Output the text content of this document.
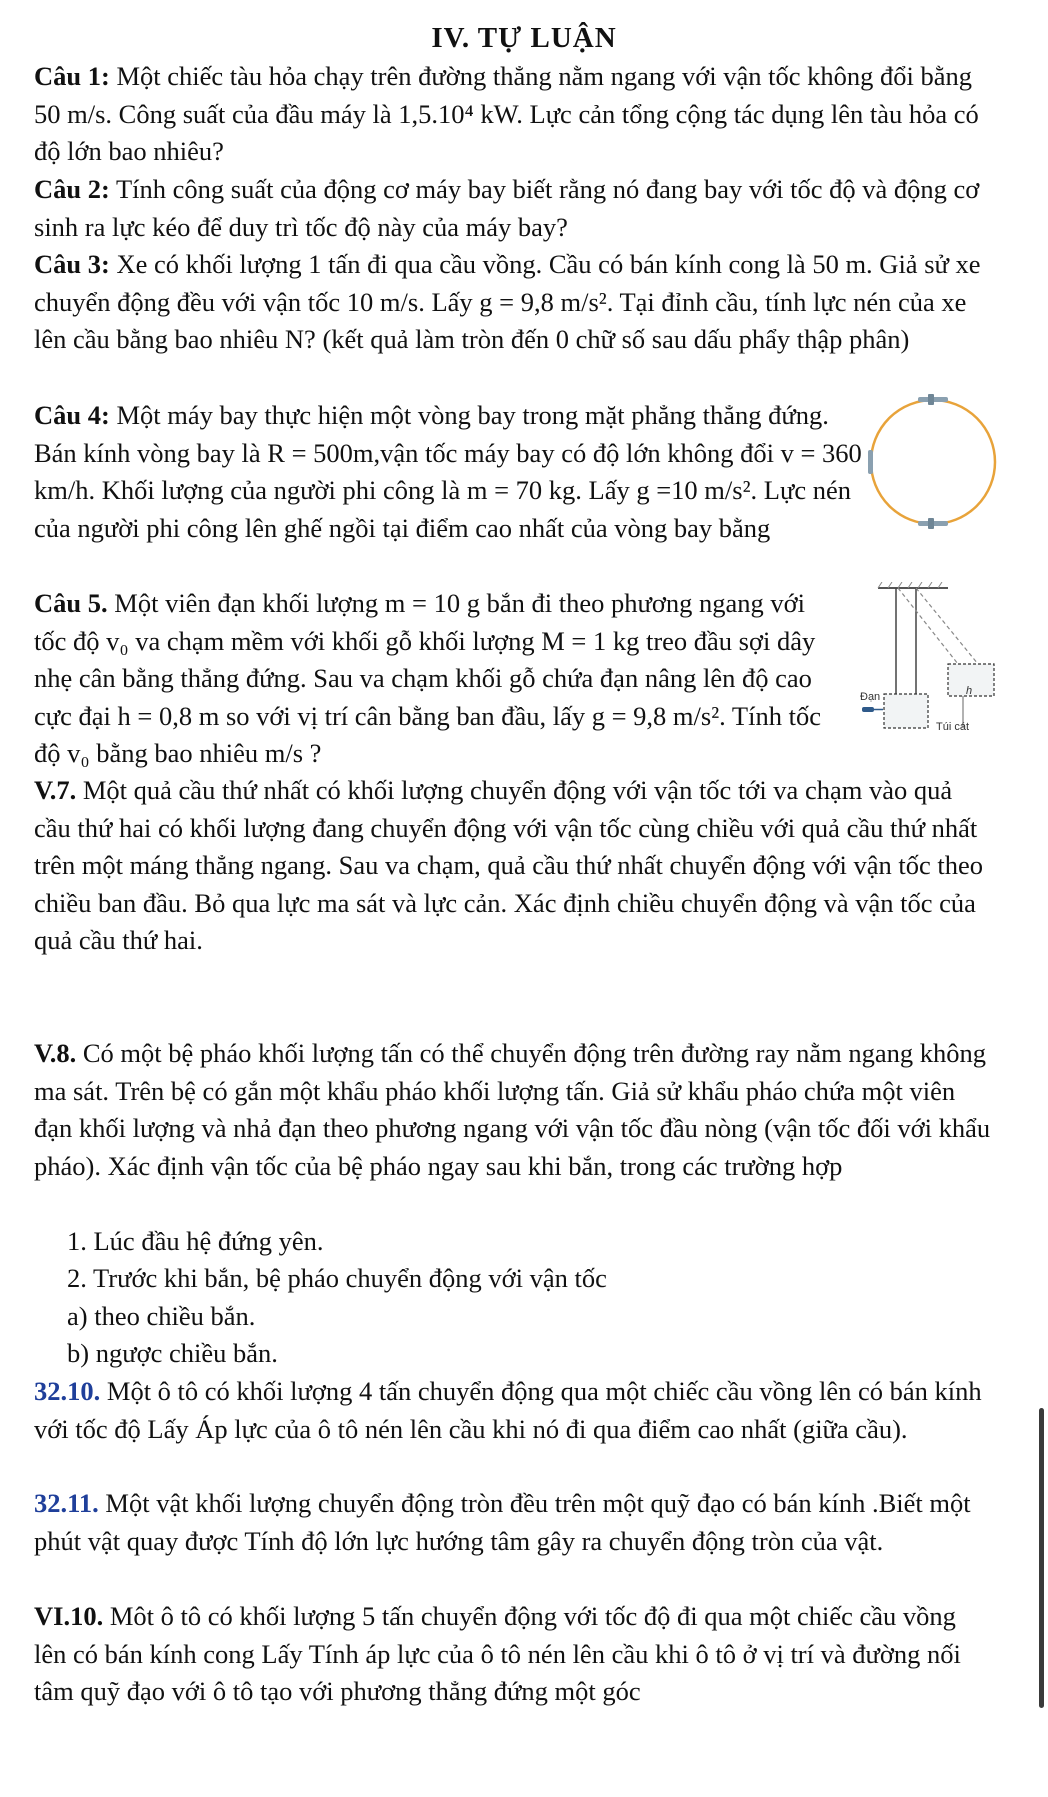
IV. TỰ LUẬN

Câu 1: Một chiếc tàu hỏa chạy trên đường thẳng nằm ngang với vận tốc không đổi bằng 50 m/s. Công suất của đầu máy là 1,5.10⁴ kW. Lực cản tổng cộng tác dụng lên tàu hỏa có độ lớn bao nhiêu?

Câu 2: Tính công suất của động cơ máy bay biết rằng nó đang bay với tốc độ và động cơ sinh ra lực kéo để duy trì tốc độ này của máy bay?

Câu 3: Xe có khối lượng 1 tấn đi qua cầu vồng. Cầu có bán kính cong là 50 m. Giả sử xe chuyển động đều với vận tốc 10 m/s. Lấy g = 9,8 m/s². Tại đỉnh cầu, tính lực nén của xe lên cầu bằng bao nhiêu N? (kết quả làm tròn đến 0 chữ số sau dấu phẩy thập phân)

Câu 4: Một máy bay thực hiện một vòng bay trong mặt phẳng thẳng đứng. Bán kính vòng bay là R = 500m,vận tốc máy bay có độ lớn không đổi v = 360 km/h. Khối lượng của người phi công là m = 70 kg. Lấy g =10 m/s². Lực nén của người phi công lên ghế ngồi tại điểm cao nhất của vòng bay bằng

Câu 5. Một viên đạn khối lượng m = 10 g bắn đi theo phương ngang với tốc độ v₀ va chạm mềm với khối gỗ khối lượng M = 1 kg treo đầu sợi dây nhẹ cân bằng thẳng đứng. Sau va chạm khối gỗ chứa đạn nâng lên độ cao cực đại h = 0,8 m so với vị trí cân bằng ban đầu, lấy g = 9,8 m/s². Tính tốc độ v₀ bằng bao nhiêu m/s ?

h
Đạn
Túi cát

V.7. Một quả cầu thứ nhất có khối lượng chuyển động với vận tốc tới va chạm vào quả cầu thứ hai có khối lượng đang chuyển động với vận tốc cùng chiều với quả cầu thứ nhất trên một máng thẳng ngang. Sau va chạm, quả cầu thứ nhất chuyển động với vận tốc theo chiều ban đầu. Bỏ qua lực ma sát và lực cản. Xác định chiều chuyển động và vận tốc của quả cầu thứ hai.

V.8. Có một bệ pháo khối lượng tấn có thể chuyển động trên đường ray nằm ngang không ma sát. Trên bệ có gắn một khẩu pháo khối lượng tấn. Giả sử khẩu pháo chứa một viên đạn khối lượng và nhả đạn theo phương ngang với vận tốc đầu nòng (vận tốc đối với khẩu pháo). Xác định vận tốc của bệ pháo ngay sau khi bắn, trong các trường hợp

1. Lúc đầu hệ đứng yên.
2. Trước khi bắn, bệ pháo chuyển động với vận tốc
a) theo chiều bắn.
b) ngược chiều bắn.

32.10. Một ô tô có khối lượng 4 tấn chuyển động qua một chiếc cầu vồng lên có bán kính với tốc độ Lấy Áp lực của ô tô nén lên cầu khi nó đi qua điểm cao nhất (giữa cầu).

32.11. Một vật khối lượng chuyển động tròn đều trên một quỹ đạo có bán kính .Biết một phút vật quay được Tính độ lớn lực hướng tâm gây ra chuyển động tròn của vật.

VI.10. Môt ô tô có khối lượng 5 tấn chuyển động với tốc độ đi qua một chiếc cầu vồng lên có bán kính cong Lấy Tính áp lực của ô tô nén lên cầu khi ô tô ở vị trí và đường nối tâm quỹ đạo với ô tô tạo với phương thẳng đứng một góc
